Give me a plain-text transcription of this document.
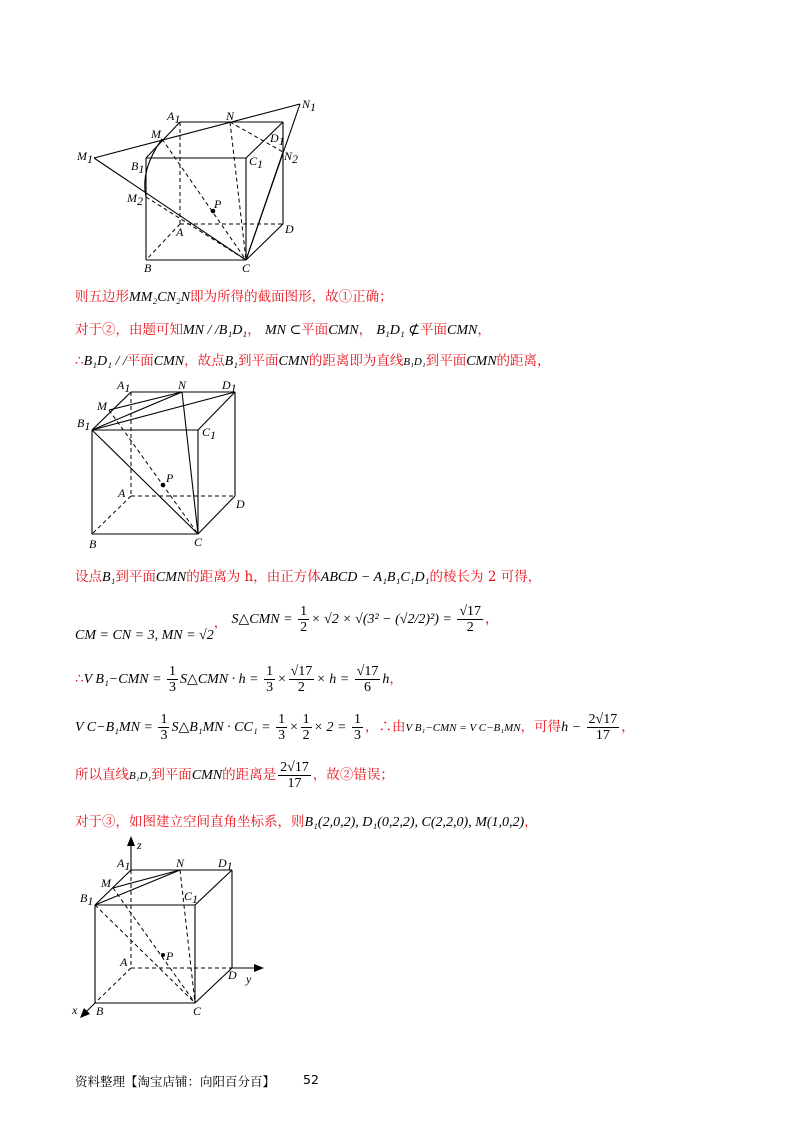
A1	N
N1
M
M1
D1
C1
N2
B1
M2	P
A	D
B	C
则五边形MM₂CN₂N即为所得的截面图形，故①正确；
对于②，由题可知MN / /B₁D₁， MN ⊂平面CMN， B₁D₁ ⊄平面CMN，
∴B₁D₁ / /平面CMN，故点B₁到平面CMN的距离即为直线B₁D₁到平面CMN的距离，
A1	N	D1
M
B1	C1
P
A
D
B	C
设点B₁到平面CMN的距离为 h，由正方体ABCD − A₁B₁C₁D₁的棱长为 2 可得，
CM = CN = 3, MN = √2， S△CMN = $\frac{1}{2} \times √2 \times √(3^2 - (√2/2)^2) = \frac{√17}{2}$ ，
∴V $B_1-CMN = \frac{1}{3}$ S△CMN · $h = \frac{1}{3} \times \frac{√17}{2} \times h = \frac{√17}{6}$ h，
V $C-B_1MN = \frac{1}{3}$ S△B₁MN · $CC_1 = \frac{1}{3} \times \frac{1}{2} \times 2 = \frac{1}{3}$ ，∴由V B₁−CMN = V C−B₁MN，可得$h - \frac{2√17}{17}$ ，
所以直线B₁D₁到平面CMN的距离是 $\frac{2√17}{17}$ ，故②错误；
对于③，如图建立空间直角坐标系，则B₁(2,0,2), D₁(0,2,2), C(2,2,0), M(1,0,2)，
z
A1	N	D1
M
B1	C1
A	P
D y
x B	C
资料整理【淘宝店铺：向阳百分百】 52
